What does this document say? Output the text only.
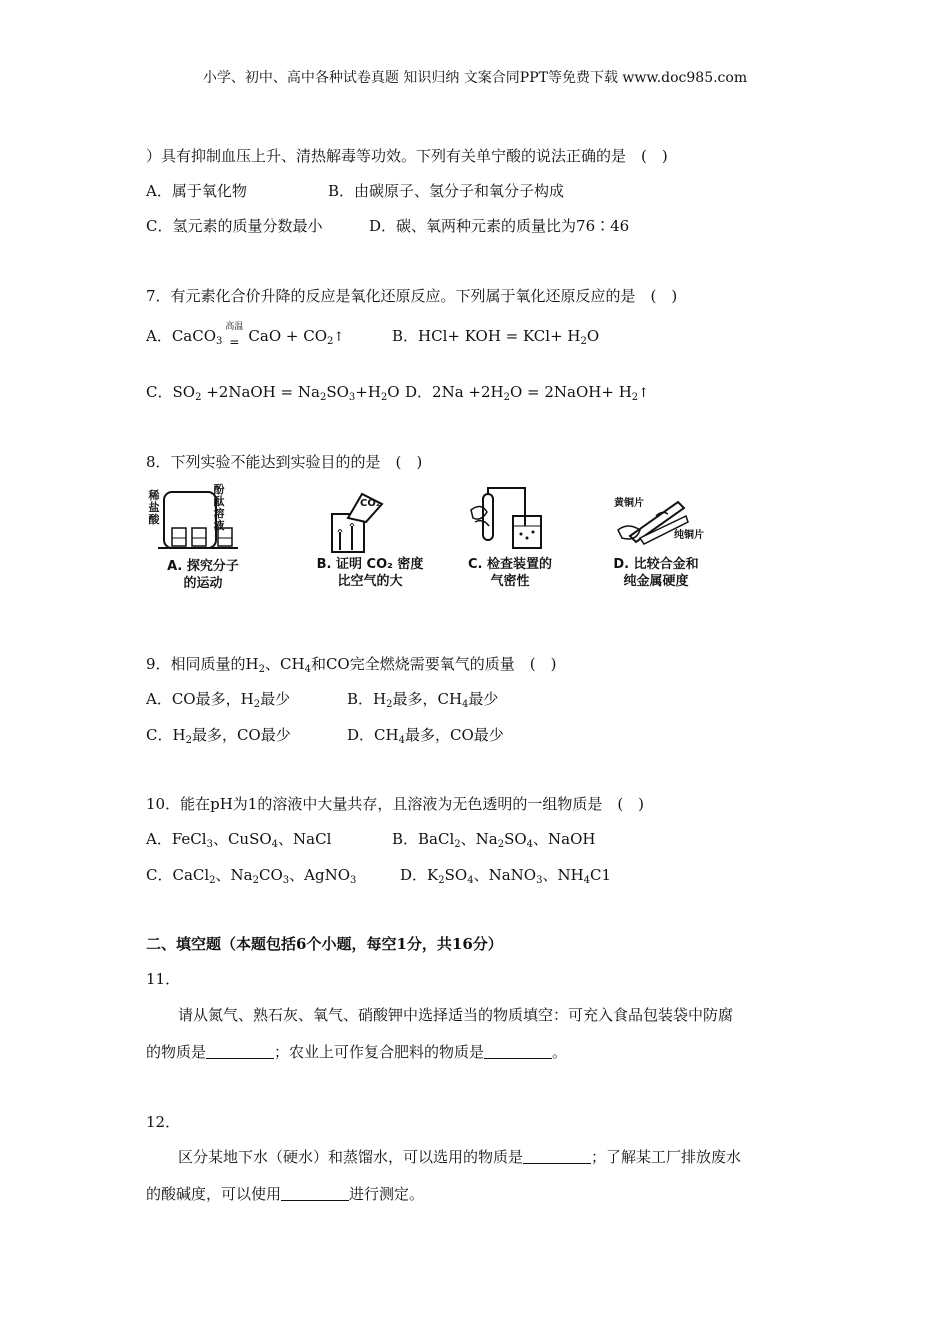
小学、初中、高中各种试卷真题 知识归纳 文案合同PPT等免费下载 www.doc985.com
）具有抑制血压上升、清热解毒等功效。下列有关单宁酸的说法正确的是　(　)
A．属于氧化物	B．由碳原子、氢分子和氧分子构成
C．氢元素的质量分数最小	D．碳、氧两种元素的质量比为76∶46
7．有元素化合价升降的反应是氧化还原反应。下列属于氧化还原反应的是　(　)
A．CaCO$_3$
高温
= CaO + $CO_2↑$	B．HCl+ KOH = $KCl+ H_2O$
C．$SO_2$ +2NaOH = $Na_2SO_3+H_2O$ D．$2Na +2H_2O$ = 2NaOH+ $H_2↑$
8．下列实验不能达到实验目的的是　(　)
稀盐酸
酚酞溶液
A. 探究分子
的运动
CO₂
B. 证明 CO₂ 密度
比空气的大
C. 检查装置的
气密性
黄铜片
纯铜片
D. 比较合金和
纯金属硬度
9．相同质量的$H_2$、$CH_4$和CO完全燃烧需要氧气的质量　(　)
A．CO最多，$H_2$最少	B．$H_2$最多，$CH_4$最少
C．$H_2$最多，CO最少	D．$CH_4$最多，CO最少
10．能在pH为1的溶液中大量共存，且溶液为无色透明的一组物质是　(　)
A．FeCl$_3$、CuSO$_4$、NaCl	B．BaCl$_2$、$Na_2SO_4$、NaOH
C．CaCl$_2$、$Na_2CO_3$、AgNO$_3$	D．$K_2SO_4$、NaNO$_3$、$NH_4C1$
二、填空题（本题包括6个小题，每空1分，共16分）
11．
请从氮气、熟石灰、氧气、硝酸钾中选择适当的物质填空：可充入食品包装袋中防腐
的物质是	；农业上可作复合肥料的物质是	。
12．
区分某地下水（硬水）和蒸馏水，可以选用的物质是	；了解某工厂排放废水
的酸碱度，可以使用	进行测定。
